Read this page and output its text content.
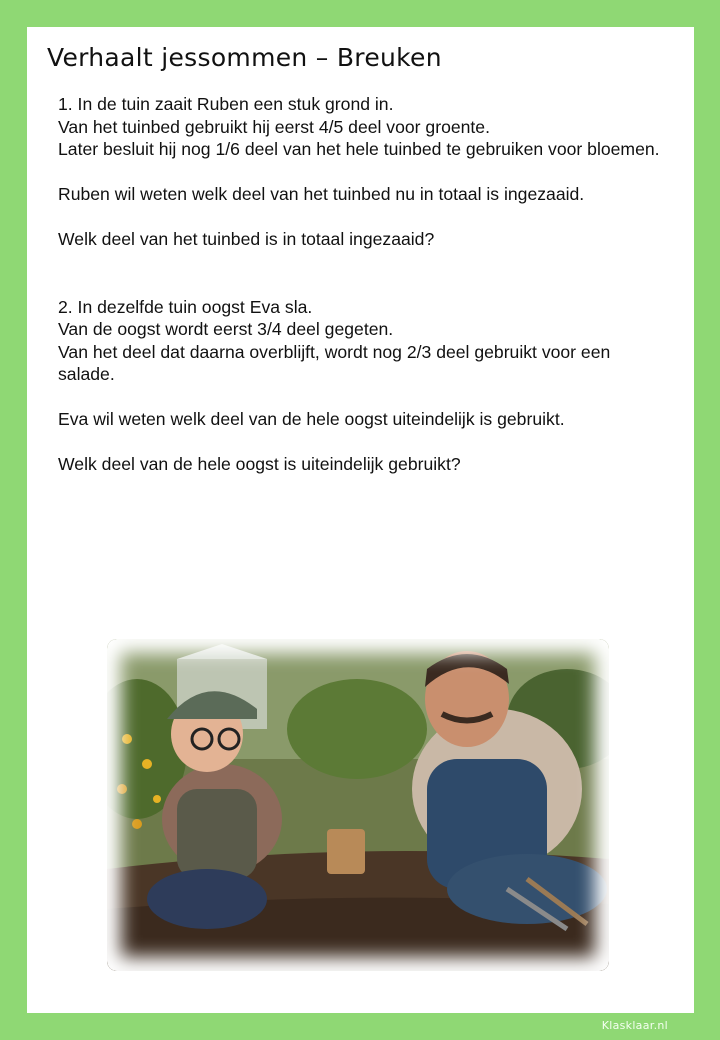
Verhaalt jessommen – Breuken

1. In de tuin zaait Ruben een stuk grond in.

Van het tuinbed gebruikt hij eerst 4/5 deel voor groente.

Later besluit hij nog 1/6 deel van het hele tuinbed te gebruiken voor bloemen.

Ruben wil weten welk deel van het tuinbed nu in totaal is ingezaaid.

Welk deel van het tuinbed is in totaal ingezaaid?

2. In dezelfde tuin oogst Eva sla.

Van de oogst wordt eerst 3/4 deel gegeten.

Van het deel dat daarna overblijft, wordt nog 2/3 deel gebruikt voor een salade.

Eva wil weten welk deel van de hele oogst uiteindelijk is gebruikt.

Welk deel van de hele oogst is uiteindelijk gebruikt?

Klasklaar.nl
